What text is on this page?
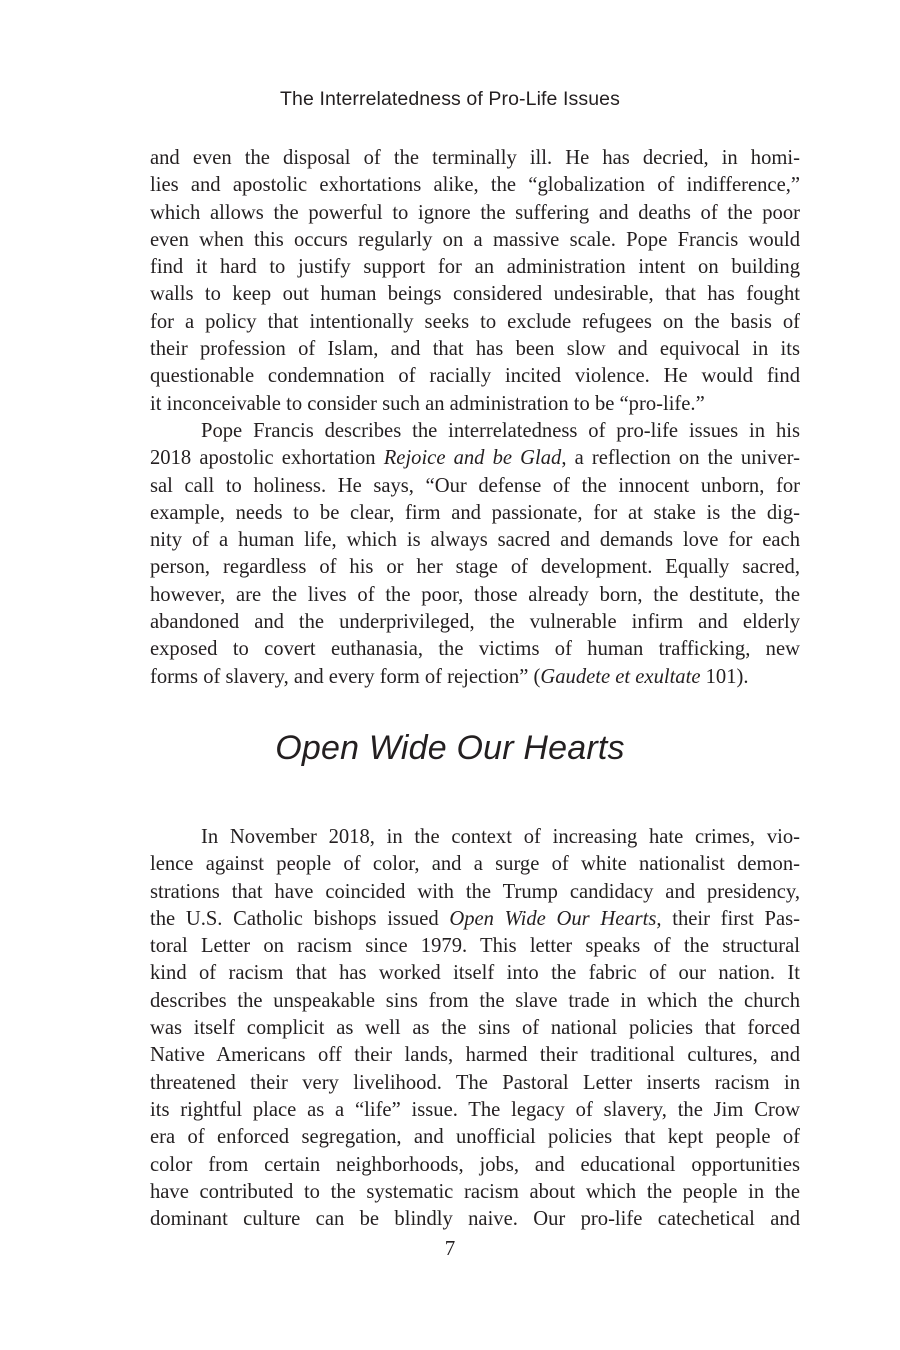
The Interrelatedness of Pro-Life Issues
and even the disposal of the terminally ill. He has decried, in homi-
lies and apostolic exhortations alike, the “globalization of indifference,”
which allows the powerful to ignore the suffering and deaths of the poor
even when this occurs regularly on a massive scale. Pope Francis would
find it hard to justify support for an administration intent on building
walls to keep out human beings considered undesirable, that has fought
for a policy that intentionally seeks to exclude refugees on the basis of
their profession of Islam, and that has been slow and equivocal in its
questionable condemnation of racially incited violence. He would find
it inconceivable to consider such an administration to be “pro-life.”
Pope Francis describes the interrelatedness of pro-life issues in his
2018 apostolic exhortation Rejoice and be Glad, a reflection on the univer-
sal call to holiness. He says, “Our defense of the innocent unborn, for
example, needs to be clear, firm and passionate, for at stake is the dig-
nity of a human life, which is always sacred and demands love for each
person, regardless of his or her stage of development. Equally sacred,
however, are the lives of the poor, those already born, the destitute, the
abandoned and the underprivileged, the vulnerable infirm and elderly
exposed to covert euthanasia, the victims of human trafficking, new
forms of slavery, and every form of rejection” (Gaudete et exultate 101).
Open Wide Our Hearts
In November 2018, in the context of increasing hate crimes, vio-
lence against people of color, and a surge of white nationalist demon-
strations that have coincided with the Trump candidacy and presidency,
the U.S. Catholic bishops issued Open Wide Our Hearts, their first Pas-
toral Letter on racism since 1979. This letter speaks of the structural
kind of racism that has worked itself into the fabric of our nation. It
describes the unspeakable sins from the slave trade in which the church
was itself complicit as well as the sins of national policies that forced
Native Americans off their lands, harmed their traditional cultures, and
threatened their very livelihood. The Pastoral Letter inserts racism in
its rightful place as a “life” issue. The legacy of slavery, the Jim Crow
era of enforced segregation, and unofficial policies that kept people of
color from certain neighborhoods, jobs, and educational opportunities
have contributed to the systematic racism about which the people in the
dominant culture can be blindly naive. Our pro-life catechetical and
7
